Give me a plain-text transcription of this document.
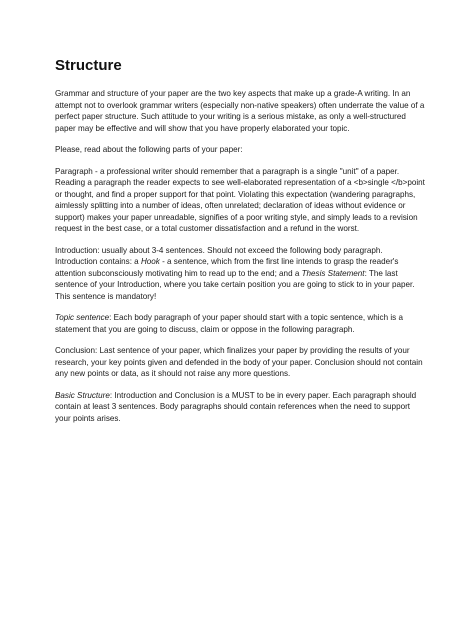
Structure

Grammar and structure of your paper are the two key aspects that make up a grade-A writing. In an attempt not to overlook grammar writers (especially non-native speakers) often underrate the value of a perfect paper structure. Such attitude to your writing is a serious mistake, as only a well-structured paper may be effective and will show that you have properly elaborated your topic.

Please, read about the following parts of your paper:

Paragraph - a professional writer should remember that a paragraph is a single "unit" of a paper. Reading a paragraph the reader expects to see well-elaborated representation of a <b>single </b>point or thought, and find a proper support for that point. Violating this expectation (wandering paragraphs, aimlessly splitting into a number of ideas, often unrelated; declaration of ideas without evidence or support) makes your paper unreadable, signifies of a poor writing style, and simply leads to a revision request in the best case, or a total customer dissatisfaction and a refund in the worst.

Introduction: usually about 3-4 sentences. Should not exceed the following body paragraph. Introduction contains: a Hook - a sentence, which from the first line intends to grasp the reader's attention subconsciously motivating him to read up to the end; and a Thesis Statement: The last sentence of your Introduction, where you take certain position you are going to stick to in your paper. This sentence is mandatory!

Topic sentence: Each body paragraph of your paper should start with a topic sentence, which is a statement that you are going to discuss, claim or oppose in the following paragraph.

Conclusion: Last sentence of your paper, which finalizes your paper by providing the results of your research, your key points given and defended in the body of your paper. Conclusion should not contain any new points or data, as it should not raise any more questions.

Basic Structure: Introduction and Conclusion is a MUST to be in every paper. Each paragraph should contain at least 3 sentences. Body paragraphs should contain references when the need to support your points arises.
